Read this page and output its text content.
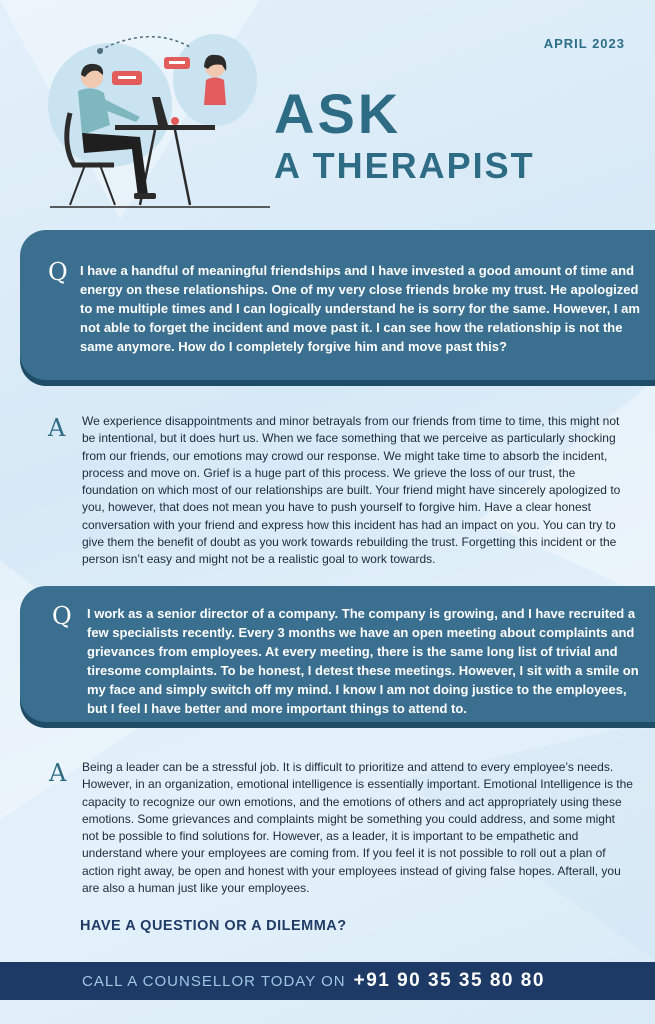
APRIL 2023
ASK
A THERAPIST
Q I have a handful of meaningful friendships and I have invested a good amount of time and energy on these relationships. One of my very close friends broke my trust. He apologized to me multiple times and I can logically understand he is sorry for the same. However, I am not able to forget the incident and move past it. I can see how the relationship is not the same anymore. How do I completely forgive him and move past this?
A We experience disappointments and minor betrayals from our friends from time to time, this might not be intentional, but it does hurt us. When we face something that we perceive as particularly shocking from our friends, our emotions may crowd our response. We might take time to absorb the incident, process and move on. Grief is a huge part of this process. We grieve the loss of our trust, the foundation on which most of our relationships are built. Your friend might have sincerely apologized to you, however, that does not mean you have to push yourself to forgive him. Have a clear honest conversation with your friend and express how this incident has had an impact on you. You can try to give them the benefit of doubt as you work towards rebuilding the trust. Forgetting this incident or the person isn’t easy and might not be a realistic goal to work towards.
Q I work as a senior director of a company. The company is growing, and I have recruited a few specialists recently. Every 3 months we have an open meeting about complaints and grievances from employees. At every meeting, there is the same long list of trivial and tiresome complaints. To be honest, I detest these meetings. However, I sit with a smile on my face and simply switch off my mind. I know I am not doing justice to the employees, but I feel I have better and more important things to attend to.
A Being a leader can be a stressful job. It is difficult to prioritize and attend to every employee’s needs. However, in an organization, emotional intelligence is essentially important. Emotional Intelligence is the capacity to recognize our own emotions, and the emotions of others and act appropriately using these emotions. Some grievances and complaints might be something you could address, and some might not be possible to find solutions for. However, as a leader, it is important to be empathetic and understand where your employees are coming from. If you feel it is not possible to roll out a plan of action right away, be open and honest with your employees instead of giving false hopes. Afterall, you are also a human just like your employees.
HAVE A QUESTION OR A DILEMMA?
CALL A COUNSELLOR TODAY ON +91 90 35 35 80 80
